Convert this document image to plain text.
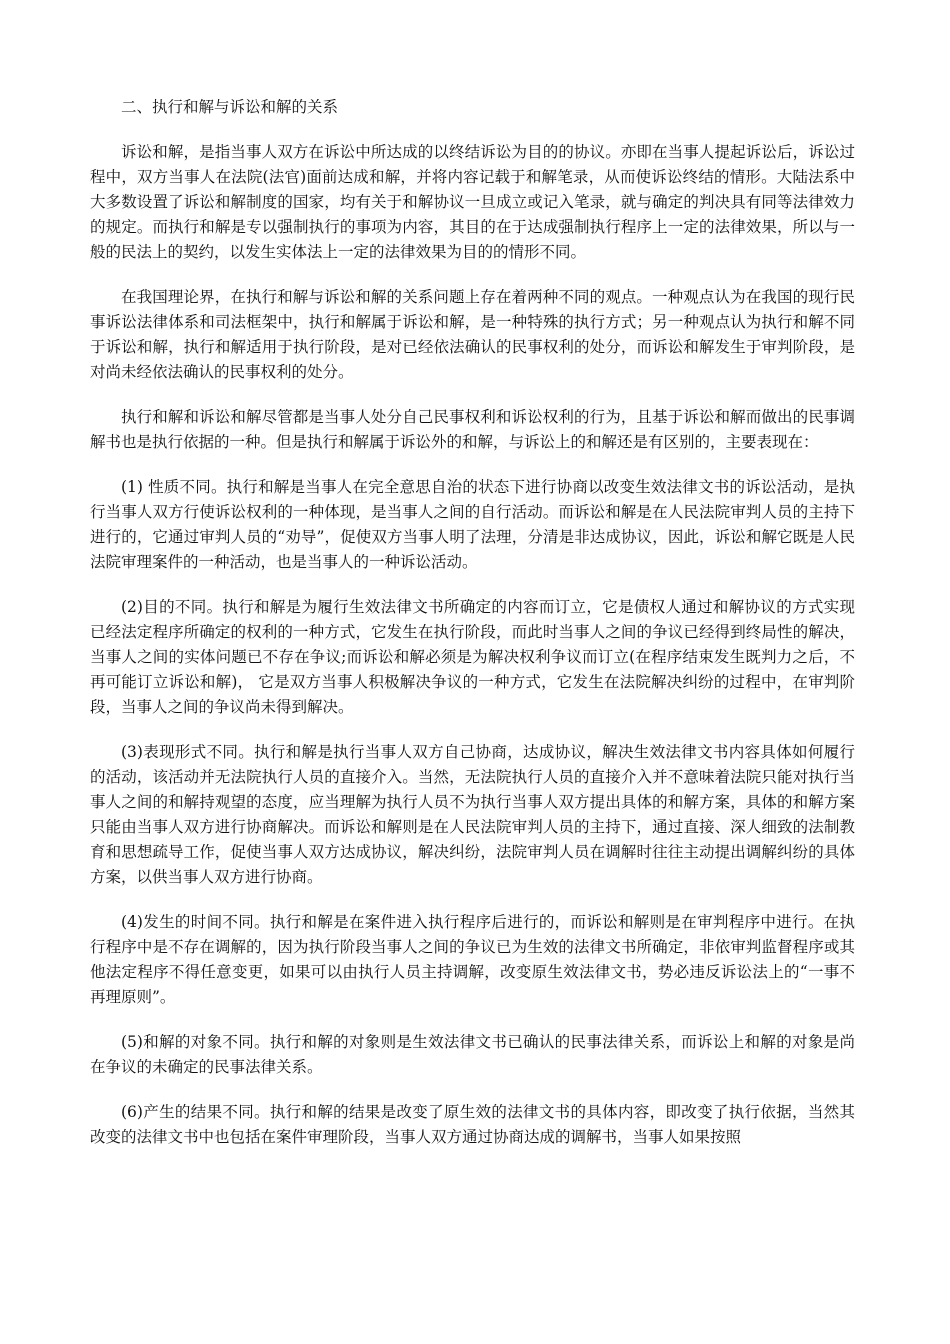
二、执行和解与诉讼和解的关系

诉讼和解，是指当事人双方在诉讼中所达成的以终结诉讼为目的的协议。亦即在当事人提起诉讼后，诉讼过程中，双方当事人在法院(法官)面前达成和解，并将内容记载于和解笔录，从而使诉讼终结的情形。大陆法系中大多数设置了诉讼和解制度的国家，均有关于和解协议一旦成立或记入笔录，就与确定的判决具有同等法律效力的规定。而执行和解是专以强制执行的事项为内容，其目的在于达成强制执行程序上一定的法律效果，所以与一般的民法上的契约，以发生实体法上一定的法律效果为目的的情形不同。

在我国理论界，在执行和解与诉讼和解的关系问题上存在着两种不同的观点。一种观点认为在我国的现行民事诉讼法律体系和司法框架中，执行和解属于诉讼和解，是一种特殊的执行方式；另一种观点认为执行和解不同于诉讼和解，执行和解适用于执行阶段，是对已经依法确认的民事权利的处分，而诉讼和解发生于审判阶段，是对尚未经依法确认的民事权利的处分。

执行和解和诉讼和解尽管都是当事人处分自己民事权利和诉讼权利的行为，且基于诉讼和解而做出的民事调解书也是执行依据的一种。但是执行和解属于诉讼外的和解，与诉讼上的和解还是有区别的，主要表现在：

(1) 性质不同。执行和解是当事人在完全意思自治的状态下进行协商以改变生效法律文书的诉讼活动，是执行当事人双方行使诉讼权利的一种体现，是当事人之间的自行活动。而诉讼和解是在人民法院审判人员的主持下进行的，它通过审判人员的“劝导”，促使双方当事人明了法理，分清是非达成协议，因此，诉讼和解它既是人民法院审理案件的一种活动，也是当事人的一种诉讼活动。

(2)目的不同。执行和解是为履行生效法律文书所确定的内容而订立，它是债权人通过和解协议的方式实现已经法定程序所确定的权利的一种方式，它发生在执行阶段，而此时当事人之间的争议已经得到终局性的解决，当事人之间的实体问题已不存在争议;而诉讼和解必须是为解决权利争议而订立(在程序结束发生既判力之后，不再可能订立诉讼和解)， 它是双方当事人积极解决争议的一种方式，它发生在法院解决纠纷的过程中，在审判阶段，当事人之间的争议尚未得到解决。

(3)表现形式不同。执行和解是执行当事人双方自己协商，达成协议，解决生效法律文书内容具体如何履行的活动，该活动并无法院执行人员的直接介入。当然，无法院执行人员的直接介入并不意味着法院只能对执行当事人之间的和解持观望的态度，应当理解为执行人员不为执行当事人双方提出具体的和解方案，具体的和解方案只能由当事人双方进行协商解决。而诉讼和解则是在人民法院审判人员的主持下，通过直接、深人细致的法制教育和思想疏导工作，促使当事人双方达成协议，解决纠纷，法院审判人员在调解时往往主动提出调解纠纷的具体方案，以供当事人双方进行协商。

(4)发生的时间不同。执行和解是在案件进入执行程序后进行的，而诉讼和解则是在审判程序中进行。在执行程序中是不存在调解的，因为执行阶段当事人之间的争议已为生效的法律文书所确定，非依审判监督程序或其他法定程序不得任意变更，如果可以由执行人员主持调解，改变原生效法律文书，势必违反诉讼法上的“一事不再理原则”。

(5)和解的对象不同。执行和解的对象则是生效法律文书已确认的民事法律关系，而诉讼上和解的对象是尚在争议的未确定的民事法律关系。

(6)产生的结果不同。执行和解的结果是改变了原生效的法律文书的具体内容，即改变了执行依据，当然其改变的法律文书中也包括在案件审理阶段，当事人双方通过协商达成的调解书，当事人如果按照
